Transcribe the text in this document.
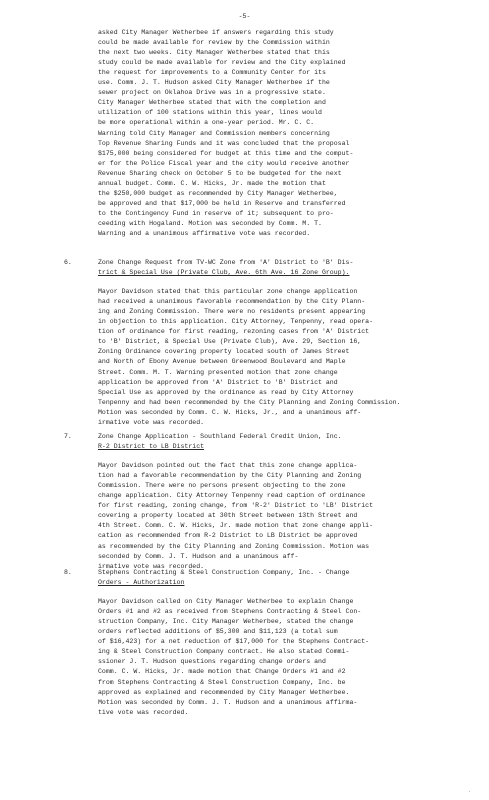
-5-
asked City Manager Wetherbee if answers regarding this study
could be made available for review by the Commission within
the next two weeks. City Manager Wetherbee stated that this
study could be made available for review and the City explained
the request for improvements to a Community Center for its
use. Comm. J. T. Hudson asked City Manager Wetherbee if the
sewer project on Oklahoa Drive was in a progressive state.
City Manager Wetherbee stated that with the completion and
utilization of 100 stations within this year, lines would
be more operational within a one-year period. Mr. C. C.
Warning told City Manager and Commission members concerning
Top Revenue Sharing Funds and it was concluded that the proposal
$175,000 being considered for budget at this time and the comput-
er for the Police Fiscal year and the city would receive another
Revenue Sharing check on October 5 to be budgeted for the next
annual budget. Comm. C. W. Hicks, Jr. made the motion that
the $250,000 budget as recommended by City Manager Wetherbee,
be approved and that $17,000 be held in Reserve and transferred
to the Contingency Fund in reserve of it; subsequent to pro-
ceeding with Hogaland. Motion was seconded by Comm. M. T.
Warning and a unanimous affirmative vote was recorded.
6.	Zone Change Request from TV-WC Zone from 'A' District to 'B' Dis-
trict & Special Use (Private Club, Ave. 6th Ave. 16 Zone Group).
Mayor Davidson stated that this particular zone change application
had received a unanimous favorable recommendation by the City Plann-
ing and Zoning Commission. There were no residents present appearing
in objection to this application. City Attorney, Tenpenny, read opera-
tion of ordinance for first reading, rezoning cases from 'A' District
to 'B' District, & Special Use (Private Club), Ave. 29, Section 16,
Zoning Ordinance covering property located south of James Street
and North of Ebony Avenue between Greenwood Boulevard and Maple
Street. Comm. M. T. Warning presented motion that zone change
application be approved from 'A' District to 'B' District and
Special Use as approved by the ordinance as read by City Attorney
Tenpenny and had been recommended by the City Planning and Zoning Commission.
Motion was seconded by Comm. C. W. Hicks, Jr., and a unanimous aff-
irmative vote was recorded.
7.	Zone Change Application - Southland Federal Credit Union, Inc.
R-2 District to LB District
Mayor Davidson pointed out the fact that this zone change applica-
tion had a favorable recommendation by the City Planning and Zoning
Commission. There were no persons present objecting to the zone
change application. City Attorney Tenpenny read caption of ordinance
for first reading, zoning change, from 'R-2' District to 'LB' District
covering a property located at 30th Street between 13th Street and
4th Street. Comm. C. W. Hicks, Jr. made motion that zone change appli-
cation as recommended from R-2 District to LB District be approved
as recommended by the City Planning and Zoning Commission. Motion was
seconded by Comm. J. T. Hudson and a unanimous aff-
irmative vote was recorded.
8.	Stephens Contracting & Steel Construction Company, Inc. - Change
Orders - Authorization
Mayor Davidson called on City Manager Wetherbee to explain Change
Orders #1 and #2 as received from Stephens Contracting & Steel Con-
struction Company, Inc. City Manager Wetherbee, stated the change
orders reflected additions of $5,300 and $11,123 (a total sum
of $16,423) for a net reduction of $17,000 for the Stephens Contract-
ing & Steel Construction Company contract. He also stated Commi-
ssioner J. T. Hudson questions regarding change orders and
Comm. C. W. Hicks, Jr. made motion that Change Orders #1 and #2
from Stephens Contracting & Steel Construction Company, Inc. be
approved as explained and recommended by City Manager Wetherbee.
Motion was seconded by Comm. J. T. Hudson and a unanimous affirma-
tive vote was recorded.
·
